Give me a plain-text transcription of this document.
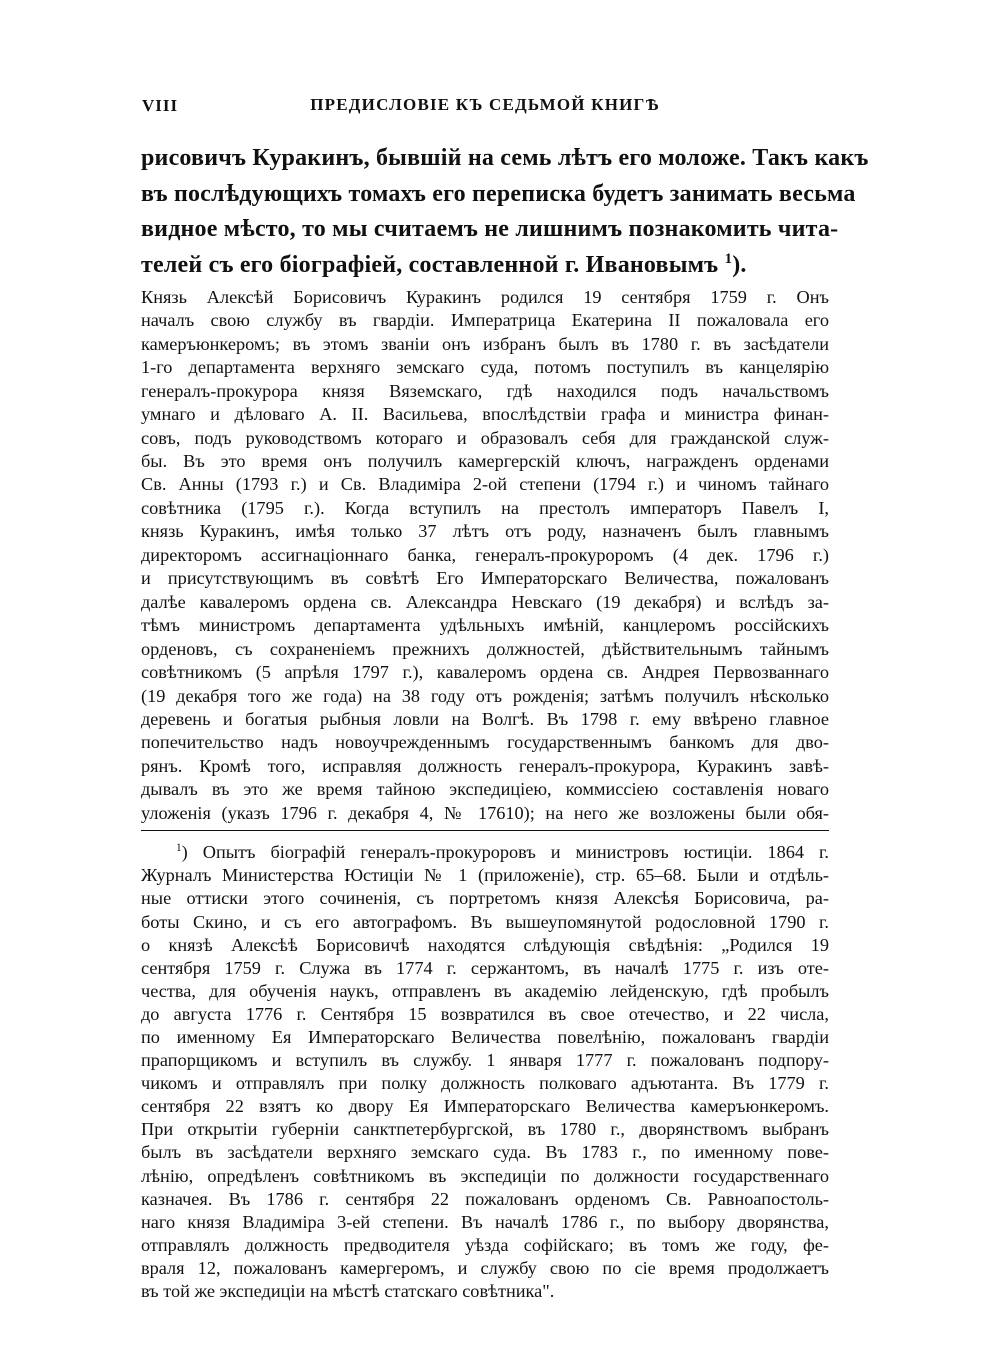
VIII	ПРЕДИСЛОВІЕ КЪ СЕДЬМОЙ КНИГѢ
рисовичъ Куракинъ, бывшій на семь лѣтъ его моложе. Такъ какъ
въ послѣдующихъ томахъ его переписка будетъ занимать весьма
видное мѣсто, то мы считаемъ не лишнимъ познакомить чита-
телей съ его біографіей, составленной г. Ивановымъ $^1$).
Князь Алексѣй Борисовичъ Куракинъ родился 19 сентября 1759 г. Онъ
началъ свою службу въ гвардіи. Императрица Екатерина II пожаловала его
камеръюнкеромъ; въ этомъ званіи онъ избранъ былъ въ 1780 г. въ засѣдатели
1-го департамента верхняго земскаго суда, потомъ поступилъ въ канцелярію
генералъ-прокурора князя Вяземскаго, гдѣ находился подъ начальствомъ
умнаго и дѣловаго А. II. Васильева, впослѣдствіи графа и министра финан-
совъ, подъ руководствомъ котораго и образовалъ себя для гражданской служ-
бы. Въ это время онъ получилъ камергерскій ключъ, награжденъ орденами
Св. Анны (1793 г.) и Св. Владиміра 2-ой степени (1794 г.) и чиномъ тайнаго
совѣтника (1795 г.). Когда вступилъ на престолъ императоръ Павелъ I,
князь Куракинъ, имѣя только 37 лѣтъ отъ роду, назначенъ былъ главнымъ
директоромъ ассигнаціоннаго банка, генералъ-прокуроромъ (4 дек. 1796 г.)
и присутствующимъ въ совѣтѣ Его Императорскаго Величества, пожалованъ
далѣе кавалеромъ ордена св. Александра Невскаго (19 декабря) и вслѣдъ за-
тѣмъ министромъ департамента удѣльныхъ имѣній, канцлеромъ россійскихъ
орденовъ, съ сохраненіемъ прежнихъ должностей, дѣйствительнымъ тайнымъ
совѣтникомъ (5 апрѣля 1797 г.), кавалеромъ ордена св. Андрея Первозваннаго
(19 декабря того же года) на 38 году отъ рожденія; затѣмъ получилъ нѣсколько
деревень и богатыя рыбныя ловли на Волгѣ. Въ 1798 г. ему ввѣрено главное
попечительство надъ новоучрежденнымъ государственнымъ банкомъ для дво-
рянъ. Кромѣ того, исправляя должность генералъ-прокурора, Куракинъ завѣ-
дывалъ въ это же время тайною экспедиціею, коммиссіею составленія новаго
уложенія (указъ 1796 г. декабря 4, № 17610); на него же возложены были обя-
$^1$) Опытъ біографій генералъ-прокуроровъ и министровъ юстиціи. 1864 г.
Журналъ Министерства Юстиціи № 1 (приложеніе), стр. 65–68. Были и отдѣль-
ные оттиски этого сочиненія, съ портретомъ князя Алексѣя Борисовича, ра-
боты Скино, и съ его автографомъ. Въ вышеупомянутой родословной 1790 г.
о князѣ Алексѣѣ Борисовичѣ находятся слѣдующія свѣдѣнія: „Родился 19
сентября 1759 г. Служа въ 1774 г. сержантомъ, въ началѣ 1775 г. изъ оте-
чества, для обученія наукъ, отправленъ въ академію лейденскую, гдѣ пробылъ
до августа 1776 г. Сентября 15 возвратился въ свое отечество, и 22 числа,
по именному Ея Императорскаго Величества повелѣнію, пожалованъ гвардіи
прапорщикомъ и вступилъ въ службу. 1 января 1777 г. пожалованъ подпору-
чикомъ и отправлялъ при полку должность полковаго адъютанта. Въ 1779 г.
сентября 22 взятъ ко двору Ея Императорскаго Величества камеръюнкеромъ.
При открытіи губерніи санктпетербургской, въ 1780 г., дворянствомъ выбранъ
былъ въ засѣдатели верхняго земскаго суда. Въ 1783 г., по именному пове-
лѣнію, опредѣленъ совѣтникомъ въ экспедиціи по должности государственнаго
казначея. Въ 1786 г. сентября 22 пожалованъ орденомъ Св. Равноапостоль-
наго князя Владиміра 3-ей степени. Въ началѣ 1786 г., по выбору дворянства,
отправлялъ должность предводителя уѣзда софійскаго; въ томъ же году, фе-
враля 12, пожалованъ камергеромъ, и службу свою по сіе время продолжаетъ
въ той же экспедиціи на мѣстѣ статскаго совѣтника".
